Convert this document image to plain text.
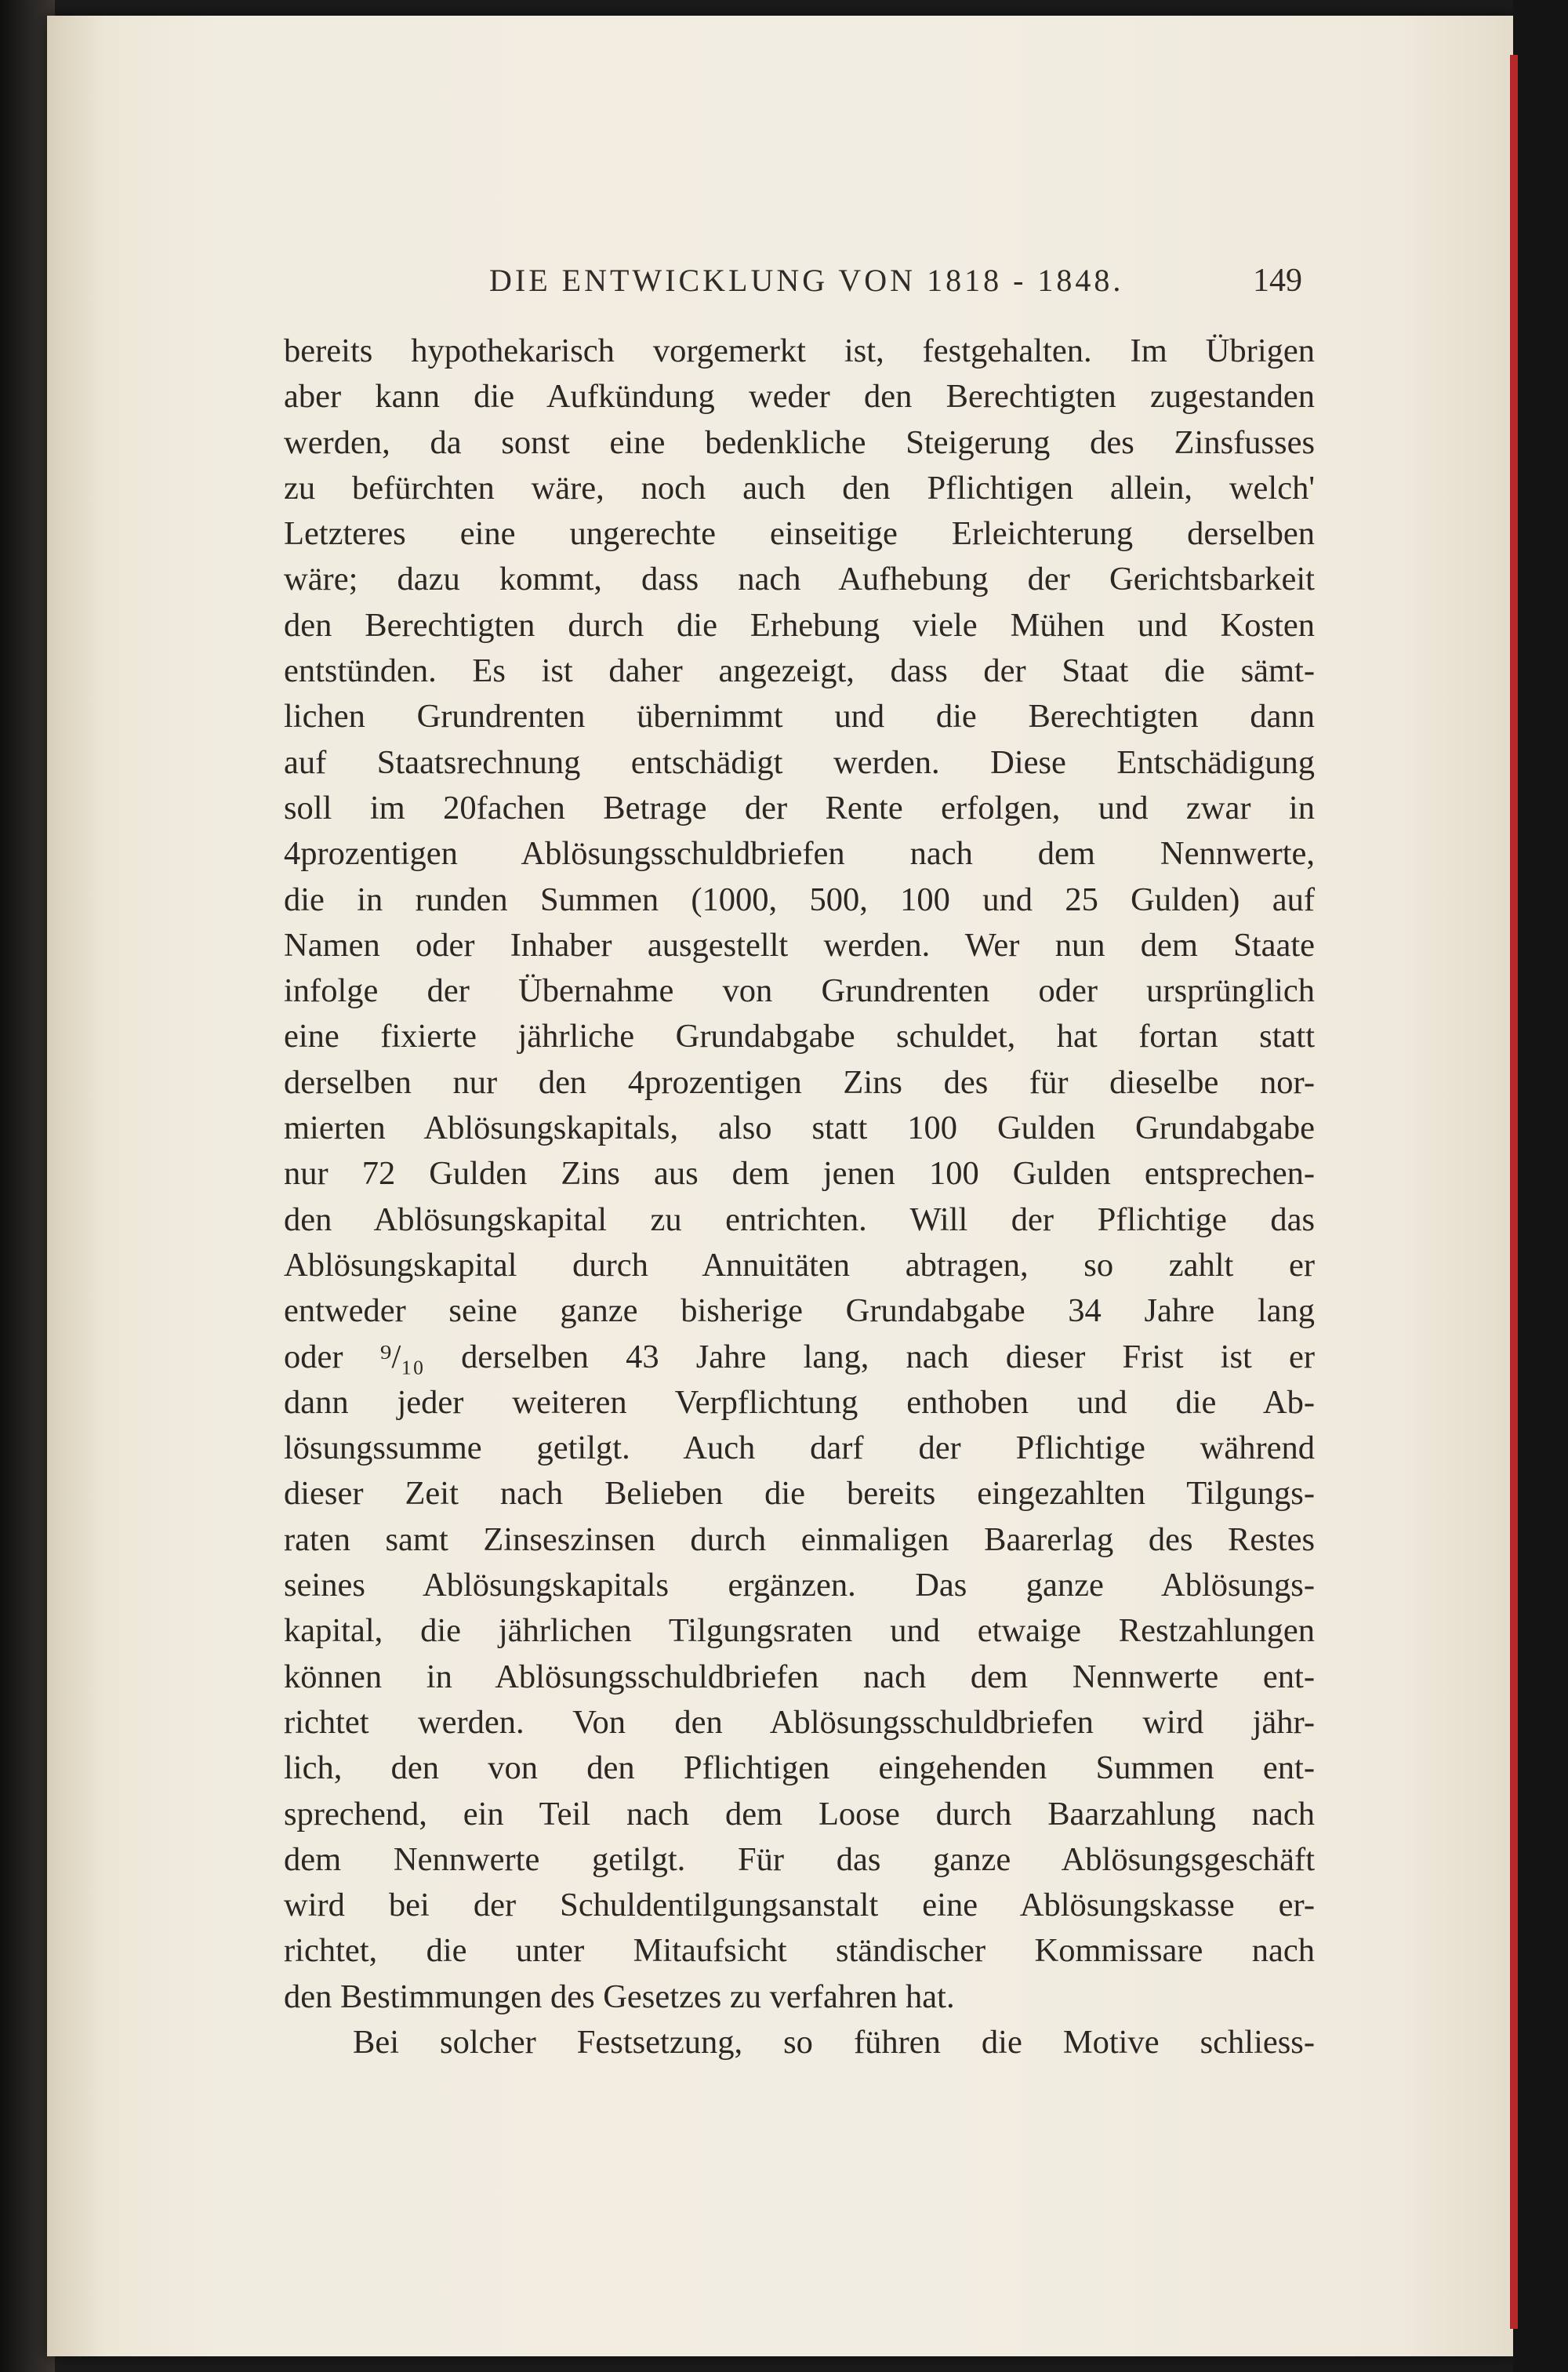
DIE ENTWICKLUNG VON 1818 - 1848.	149
bereits hypothekarisch vorgemerkt ist, festgehalten. Im Übrigen
aber kann die Aufkündung weder den Berechtigten zugestanden
werden, da sonst eine bedenkliche Steigerung des Zinsfusses
zu befürchten wäre, noch auch den Pflichtigen allein, welch'
Letzteres eine ungerechte einseitige Erleichterung derselben
wäre; dazu kommt, dass nach Aufhebung der Gerichtsbarkeit
den Berechtigten durch die Erhebung viele Mühen und Kosten
entstünden. Es ist daher angezeigt, dass der Staat die sämt-
lichen Grundrenten übernimmt und die Berechtigten dann
auf Staatsrechnung entschädigt werden. Diese Entschädigung
soll im 20fachen Betrage der Rente erfolgen, und zwar in
4prozentigen Ablösungsschuldbriefen nach dem Nennwerte,
die in runden Summen (1000, 500, 100 und 25 Gulden) auf
Namen oder Inhaber ausgestellt werden. Wer nun dem Staate
infolge der Übernahme von Grundrenten oder ursprünglich
eine fixierte jährliche Grundabgabe schuldet, hat fortan statt
derselben nur den 4prozentigen Zins des für dieselbe nor-
mierten Ablösungskapitals, also statt 100 Gulden Grundabgabe
nur 72 Gulden Zins aus dem jenen 100 Gulden entsprechen-
den Ablösungskapital zu entrichten. Will der Pflichtige das
Ablösungskapital durch Annuitäten abtragen, so zahlt er
entweder seine ganze bisherige Grundabgabe 34 Jahre lang
oder ⁹/₁₀ derselben 43 Jahre lang, nach dieser Frist ist er
dann jeder weiteren Verpflichtung enthoben und die Ab-
lösungssumme getilgt. Auch darf der Pflichtige während
dieser Zeit nach Belieben die bereits eingezahlten Tilgungs-
raten samt Zinseszinsen durch einmaligen Baarerlag des Restes
seines Ablösungskapitals ergänzen. Das ganze Ablösungs-
kapital, die jährlichen Tilgungsraten und etwaige Restzahlungen
können in Ablösungsschuldbriefen nach dem Nennwerte ent-
richtet werden. Von den Ablösungsschuldbriefen wird jähr-
lich, den von den Pflichtigen eingehenden Summen ent-
sprechend, ein Teil nach dem Loose durch Baarzahlung nach
dem Nennwerte getilgt. Für das ganze Ablösungsgeschäft
wird bei der Schuldentilgungsanstalt eine Ablösungskasse er-
richtet, die unter Mitaufsicht ständischer Kommissare nach
den Bestimmungen des Gesetzes zu verfahren hat.
Bei solcher Festsetzung, so führen die Motive schliess-
